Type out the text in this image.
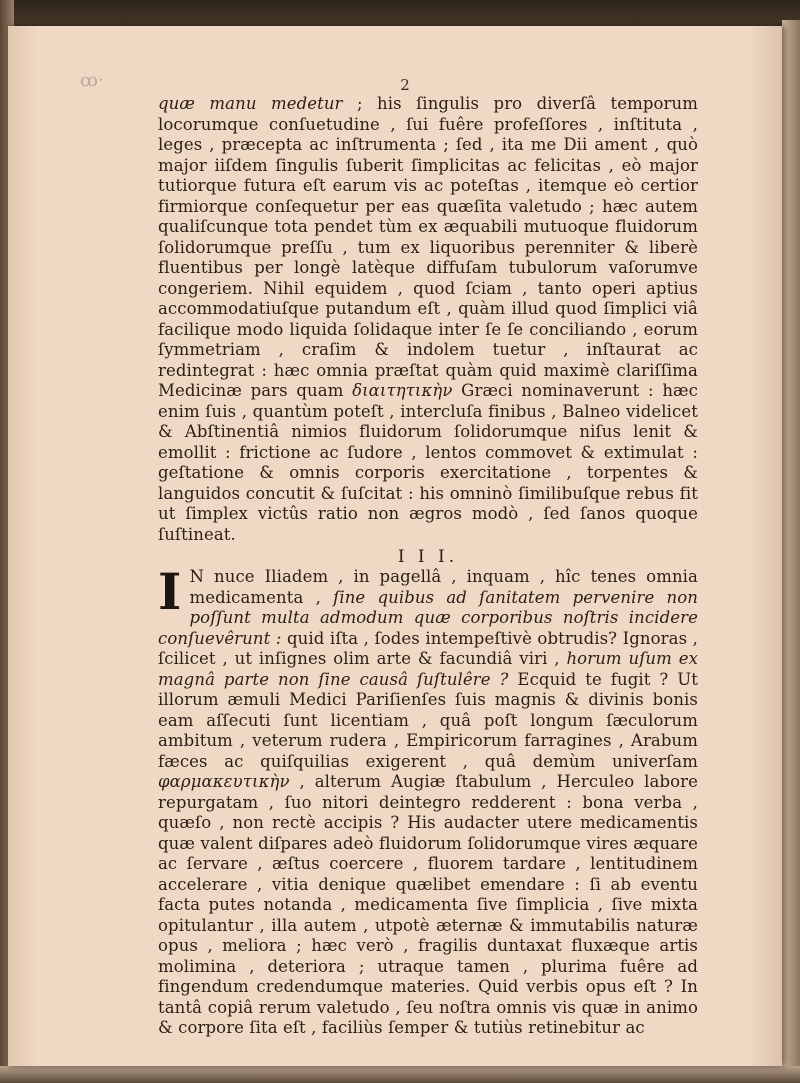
ꝏ·	2

quæ manu medetur ; his ſingulis pro diverſâ temporum locorumque conſuetudine , ſui fuêre profeſſores , inſtituta , leges , præcepta ac inſtrumenta ; ſed , ita me Dii ament , quò major iiſdem ſingulis ſuberit ſimplicitas ac felicitas , eò major tutiorque futura eſt earum vis ac poteſtas , itemque eò certior firmiorque conſequetur per eas quæſita valetudo ; hæc autem qualiſcunque tota pendet tùm ex æquabili mutuoque fluidorum ſolidorumque preſſu , tum ex liquoribus perenniter & liberè fluentibus per longè latèque diffuſam tubulorum vaſorumve congeriem. Nihil equidem , quod ſciam , tanto operi aptius accommodatiuſque putandum eſt , quàm illud quod ſimplici viâ facilique modo liquida ſolidaque inter ſe ſe conciliando , eorum ſymmetriam , craſim & indolem tuetur , inſtaurat ac redintegrat : hæc omnia præſtat quàm quid maximè clariſſima Medicinæ pars quam διαιτητικὴν Græci nominaverunt : hæc enim ſuis , quantùm poteſt , intercluſa finibus , Balneo videlicet & Abſtinentiâ nimios fluidorum ſolidorumque niſus lenit & emollit : frictione ac ſudore , lentos commovet & extimulat : geſtatione & omnis corporis exercitatione , torpentes & languidos concutit & ſuſcitat : his omninò ſimilibuſque rebus fit ut ſimplex victûs ratio non ægros modò , ſed ſanos quoque ſuſtineat.

I I I.

I N nuce Iliadem , in pagellâ , inquam , hîc tenes omnia medicamenta , ſine quibus ad ſanitatem pervenire non poſſunt multa admodum quæ corporibus noſtris incidere conſuevêrunt : quid iſta , ſodes intempeſtivè obtrudis? Ignoras , ſcilicet , ut inſignes olim arte & facundiâ viri , horum uſum ex magnâ parte non ſine causâ ſuſtulêre ? Ecquid te fugit ? Ut illorum æmuli Medici Pariſienſes ſuis magnis & divinis bonis eam aſſecuti ſunt licentiam , quâ poſt longum ſæculorum ambitum , veterum rudera , Empiricorum farragines , Arabum fæces ac quiſquilias exigerent , quâ demùm univerſam φαρμακευτικὴν , alterum Augiæ ſtabulum , Herculeo labore repurgatam , ſuo nitori deintegro redderent : bona verba , quæſo , non rectè accipis ? His audacter utere medicamentis quæ valent diſpares adeò fluidorum ſolidorumque vires æquare ac ſervare , æſtus coercere , fluorem tardare , lentitudinem accelerare , vitia denique quælibet emendare : ſi ab eventu facta putes notanda , medicamenta ſive ſimplicia , ſive mixta opitulantur , illa autem , utpotè æternæ & immutabilis naturæ opus , meliora ; hæc verò , fragilis duntaxat fluxæque artis molimina , deteriora ; utraque tamen , plurima fuêre ad fingendum credendumque materies. Quid verbis opus eſt ? In tantâ copiâ rerum valetudo , ſeu noſtra omnis vis quæ in animo & corpore ſita eſt , faciliùs ſemper & tutiùs retinebitur ac
